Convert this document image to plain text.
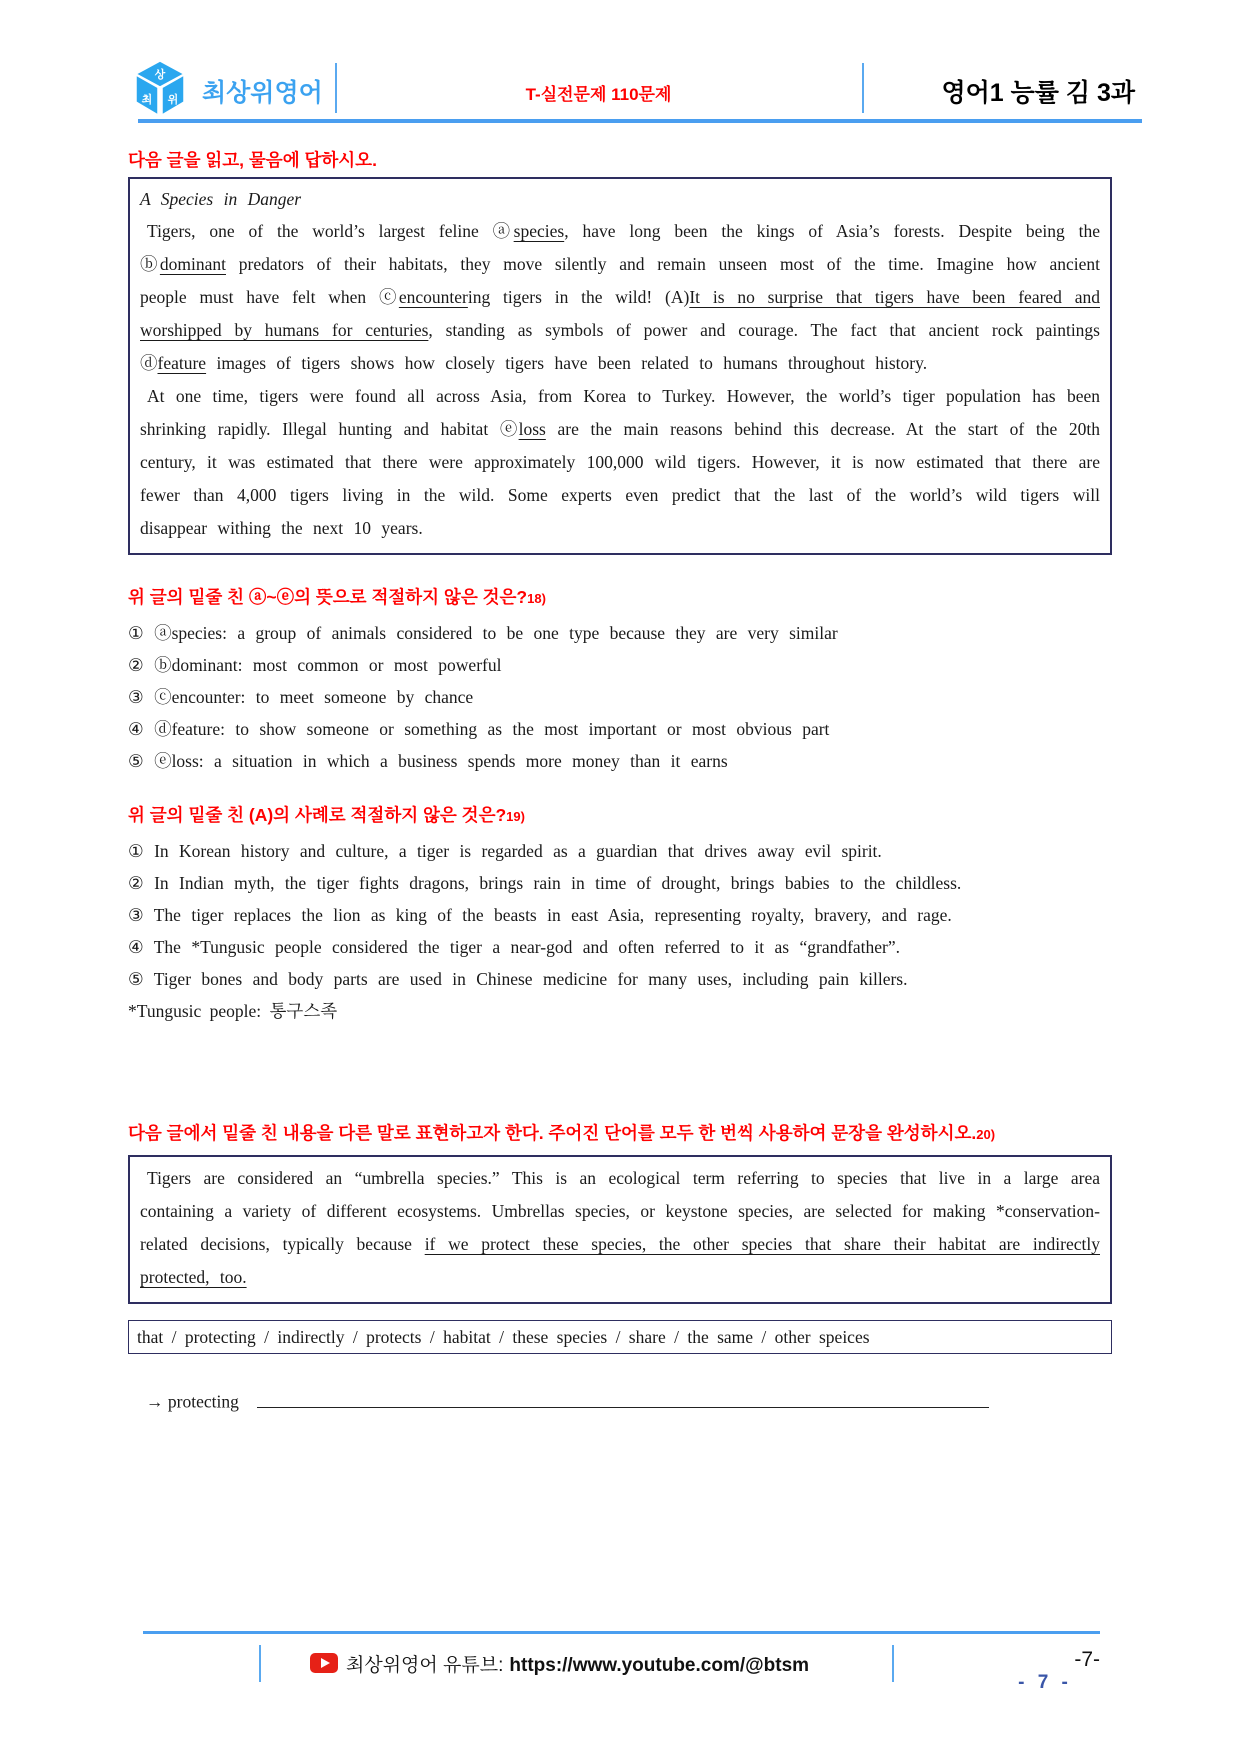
상
최 위 최상위영어	T-실전문제 110문제	영어1 능률 김 3과
다음 글을 읽고, 물음에 답하시오.
A Species in Danger

Tigers, one of the world’s largest feline ⓐspecies, have long been the kings of Asia’s forests. Despite being the ⓑdominant predators of their habitats, they move silently and remain unseen most of the time. Imagine how ancient people must have felt when ⓒencountering tigers in the wild! (A)It is no surprise that tigers have been feared and worshipped by humans for centuries, standing as symbols of power and courage. The fact that ancient rock paintings ⓓfeature images of tigers shows how closely tigers have been related to humans throughout history.

At one time, tigers were found all across Asia, from Korea to Turkey. However, the world’s tiger population has been shrinking rapidly. Illegal hunting and habitat ⓔloss are the main reasons behind this decrease. At the start of the 20th century, it was estimated that there were approximately 100,000 wild tigers. However, it is now estimated that there are fewer than 4,000 tigers living in the wild. Some experts even predict that the last of the world’s wild tigers will disappear withing the next 10 years.

위 글의 밑줄 친 ⓐ~ⓔ의 뜻으로 적절하지 않은 것은?18)
① ⓐspecies: a group of animals considered to be one type because they are very similar
② ⓑdominant: most common or most powerful
③ ⓒencounter: to meet someone by chance
④ ⓓfeature: to show someone or something as the most important or most obvious part
⑤ ⓔloss: a situation in which a business spends more money than it earns
위 글의 밑줄 친 (A)의 사례로 적절하지 않은 것은?19)
① In Korean history and culture, a tiger is regarded as a guardian that drives away evil spirit.
② In Indian myth, the tiger fights dragons, brings rain in time of drought, brings babies to the childless.
③ The tiger replaces the lion as king of the beasts in east Asia, representing royalty, bravery, and rage.
④ The *Tungusic people considered the tiger a near-god and often referred to it as “grandfather”.
⑤ Tiger bones and body parts are used in Chinese medicine for many uses, including pain killers.
*Tungusic people: 통구스족
다음 글에서 밑줄 친 내용을 다른 말로 표현하고자 한다. 주어진 단어를 모두 한 번씩 사용하여 문장을 완성하시오.20)

Tigers are considered an “umbrella species.” This is an ecological term referring to species that live in a large area containing a variety of different ecosystems. Umbrellas species, or keystone species, are selected for making *conservation-related decisions, typically because if we protect these species, the other species that share their habitat are indirectly protected, too.

that / protecting / indirectly / protects / habitat / these species / share / the same / other speices
→ protecting
최상위영어 유튜브: https://www.youtube.com/@btsm	-7-
- 7 -
